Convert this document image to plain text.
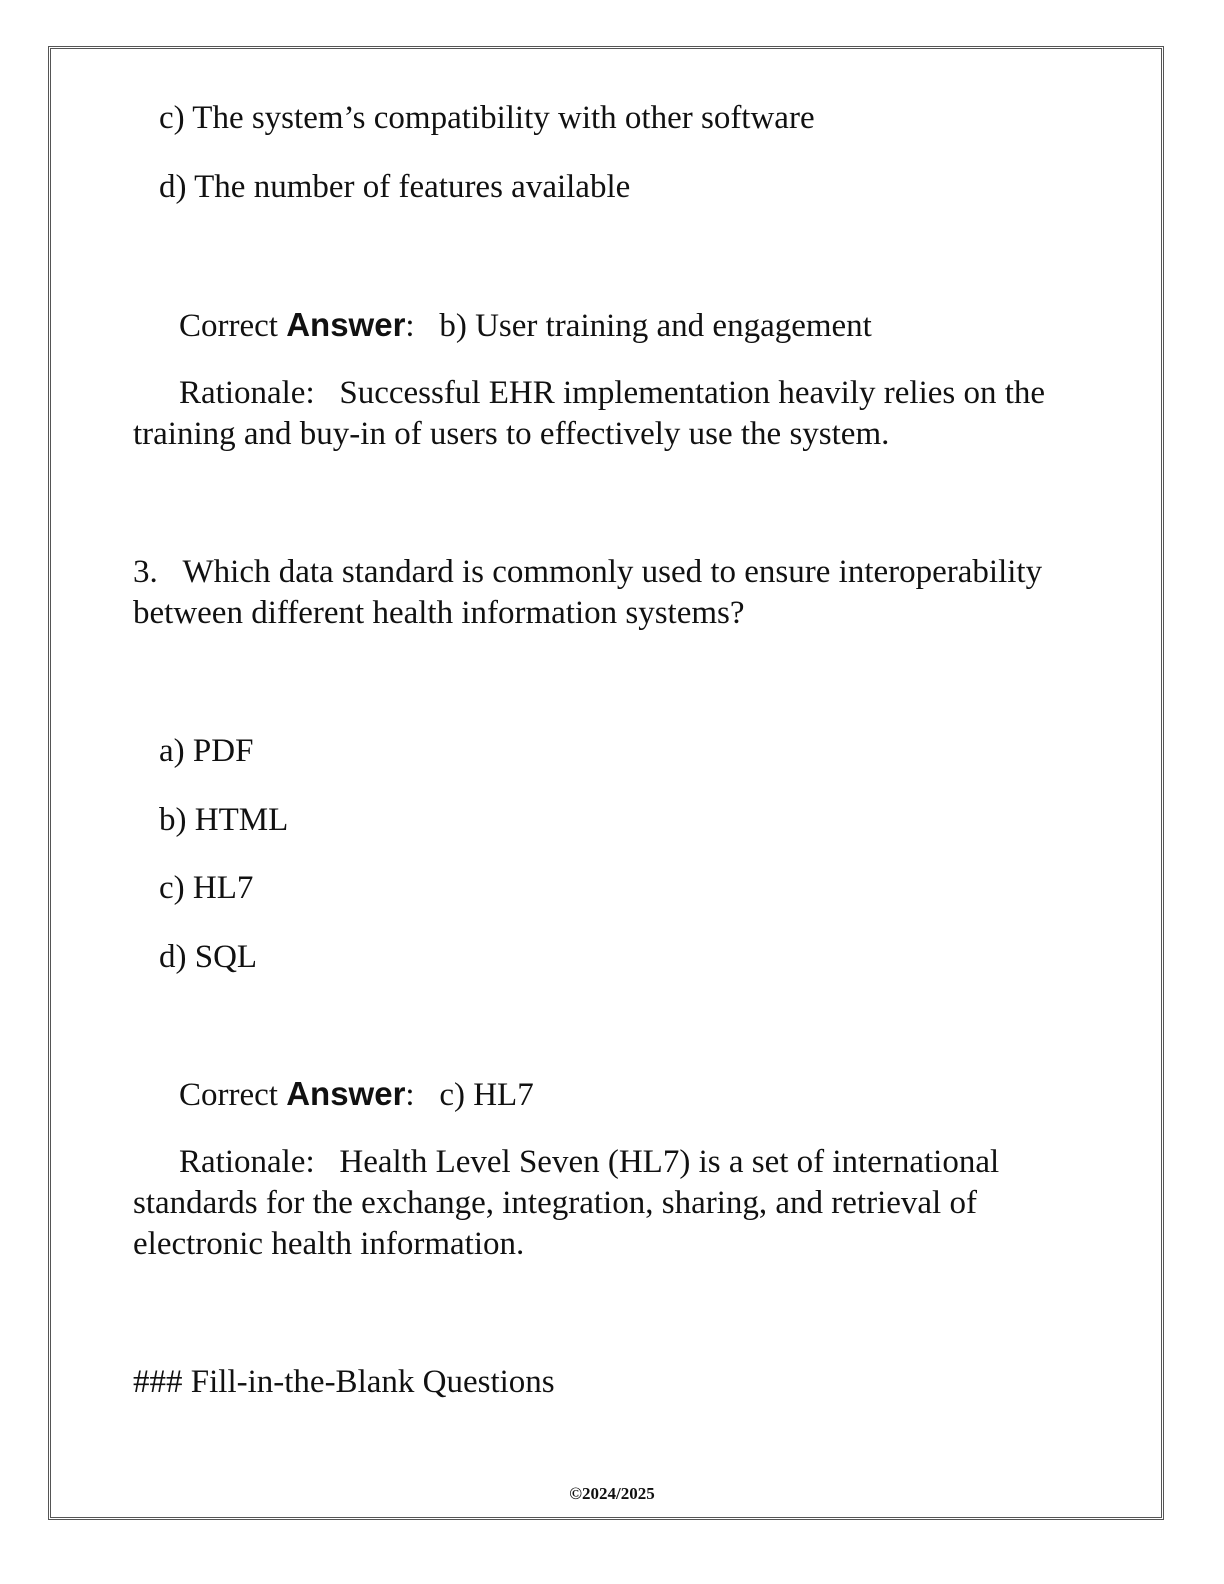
c) The system’s compatibility with other software
d) The number of features available
Correct Answer:   b) User training and engagement
Rationale:   Successful EHR implementation heavily relies on the training and buy-in of users to effectively use the system.
3.   Which data standard is commonly used to ensure interoperability between different health information systems?
a) PDF
b) HTML
c) HL7
d) SQL
Correct Answer:   c) HL7
Rationale:   Health Level Seven (HL7) is a set of international standards for the exchange, integration, sharing, and retrieval of electronic health information.
### Fill-in-the-Blank Questions
©2024/2025
